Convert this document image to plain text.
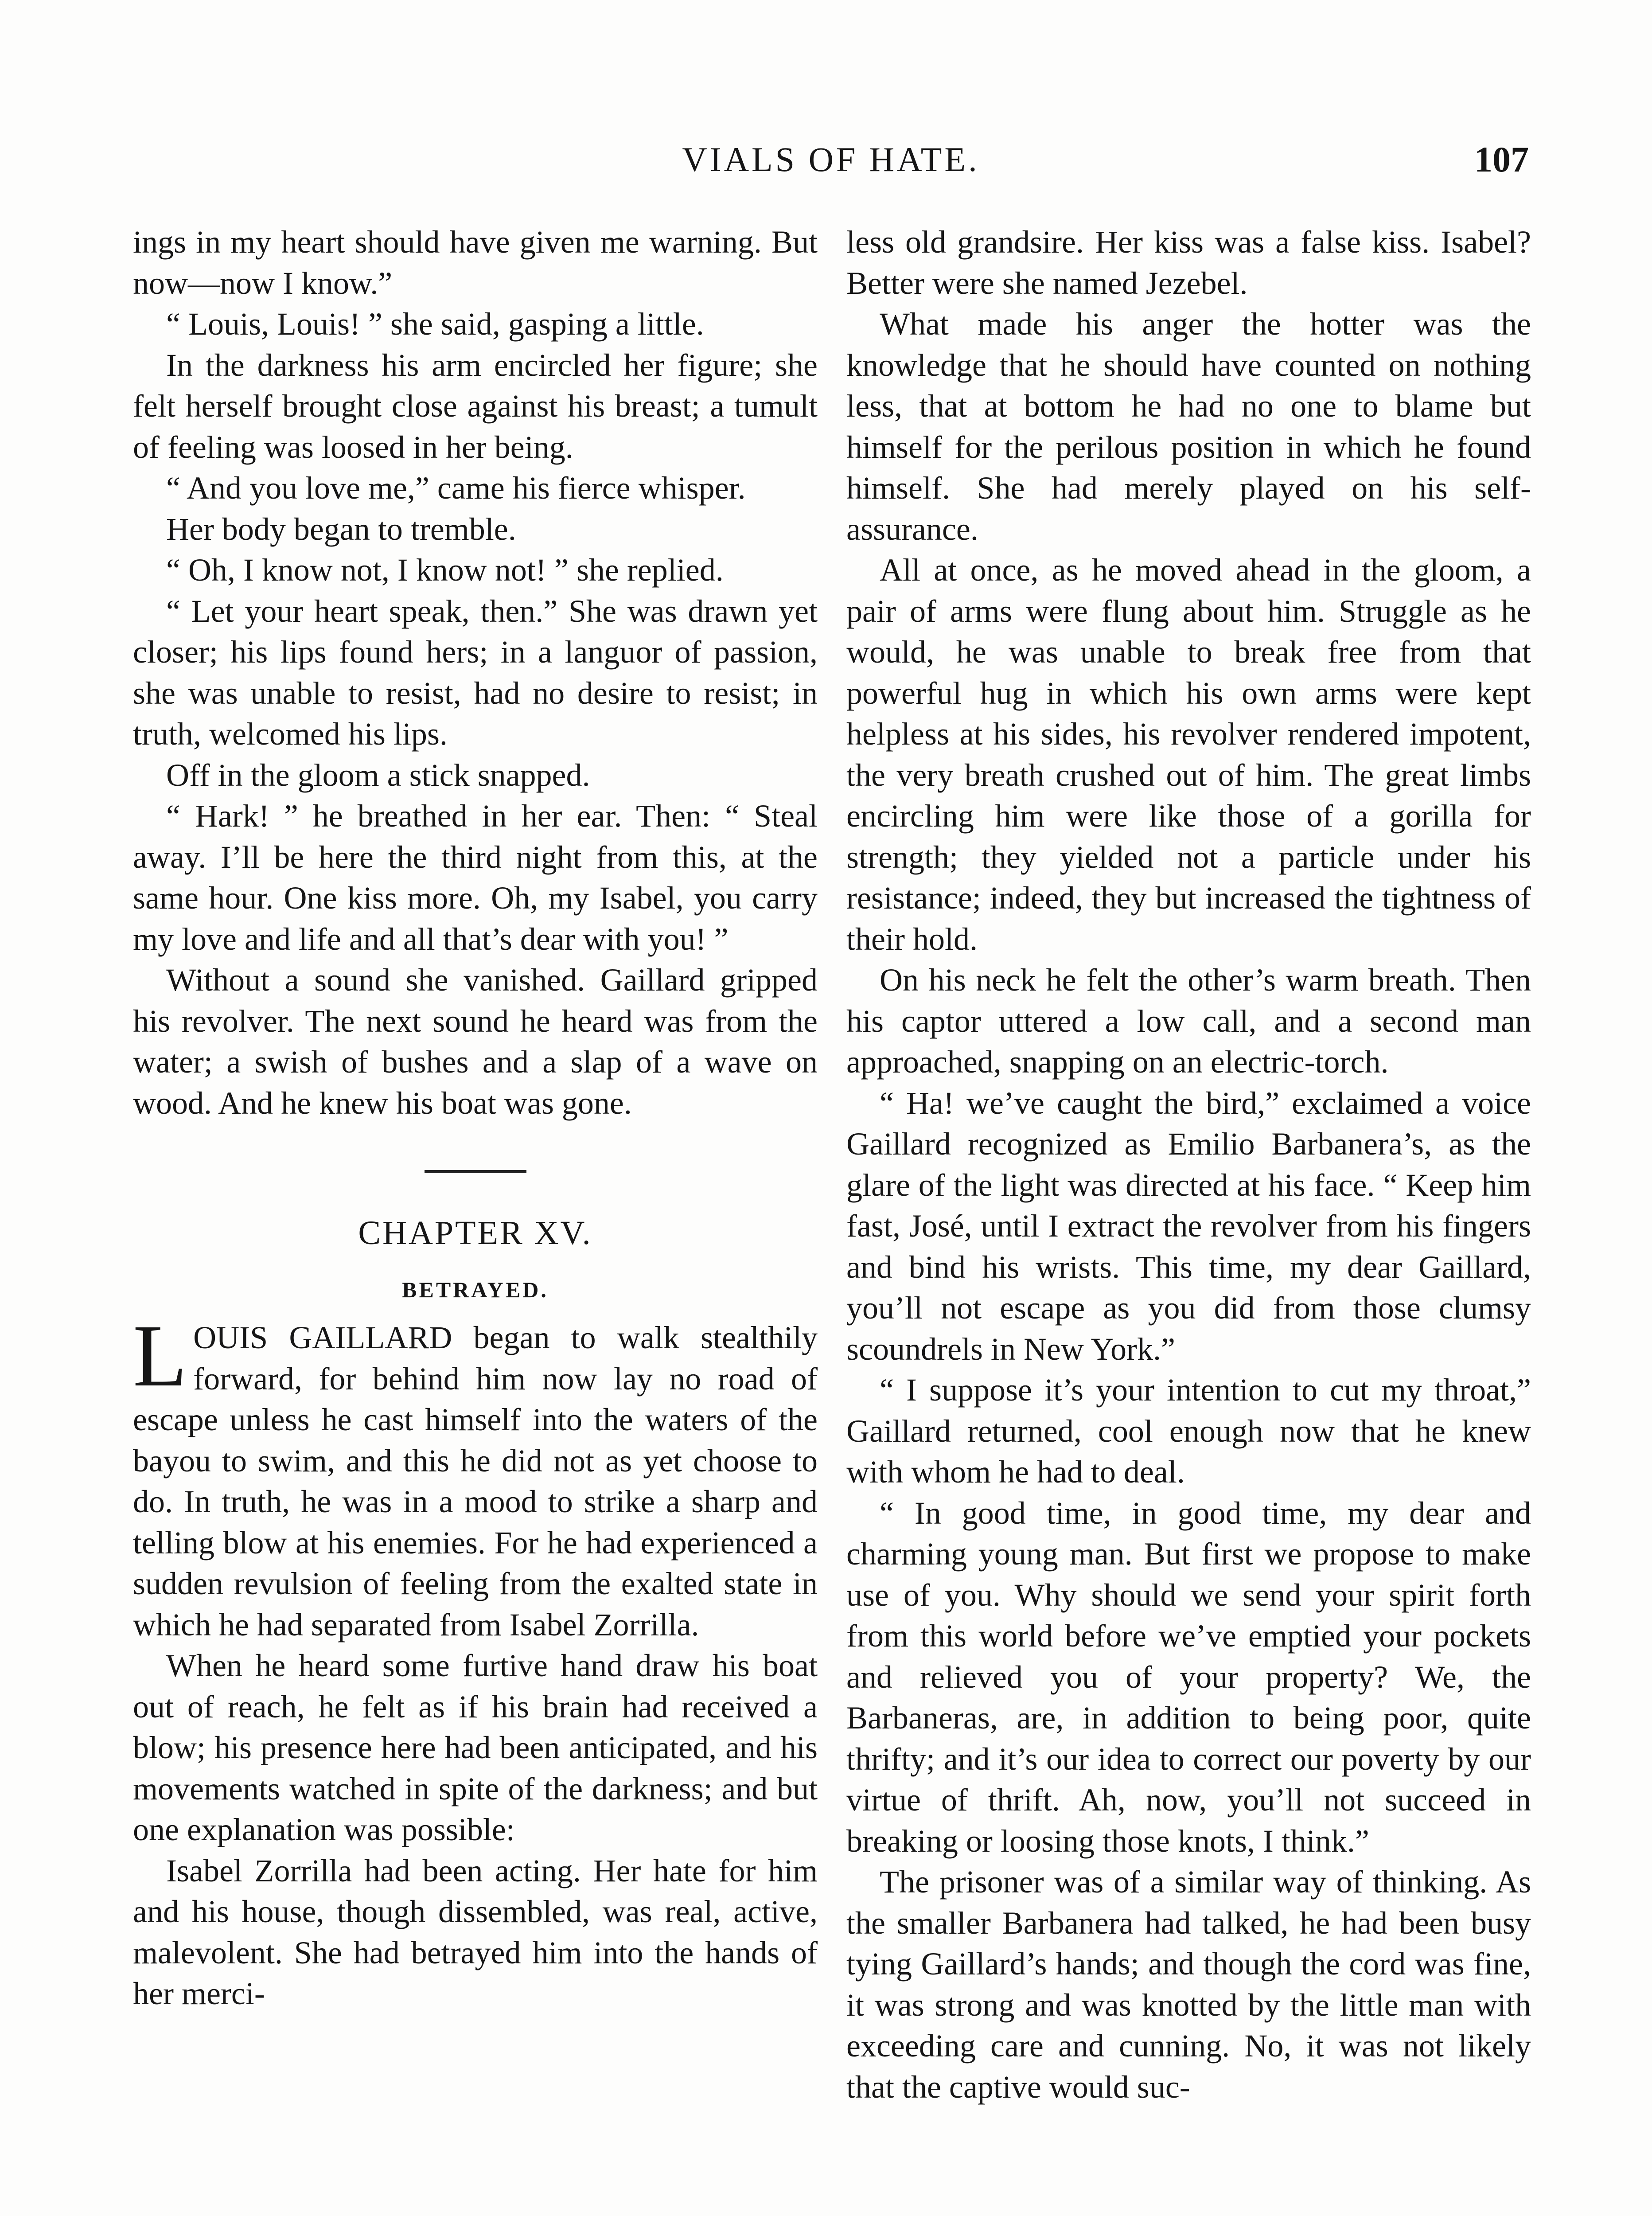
VIALS OF HATE.	107

ings in my heart should have given me warning. But now—now I know.”

“ Louis, Louis! ” she said, gasping a little.

In the darkness his arm encircled her figure; she felt herself brought close against his breast; a tumult of feeling was loosed in her being.

“ And you love me,” came his fierce whisper.

Her body began to tremble.

“ Oh, I know not, I know not! ” she replied.

“ Let your heart speak, then.” She was drawn yet closer; his lips found hers; in a languor of passion, she was unable to resist, had no desire to resist; in truth, welcomed his lips.

Off in the gloom a stick snapped.

“ Hark! ” he breathed in her ear. Then: “ Steal away. I’ll be here the third night from this, at the same hour. One kiss more. Oh, my Isabel, you carry my love and life and all that’s dear with you! ”

Without a sound she vanished. Gaillard gripped his revolver. The next sound he heard was from the water; a swish of bushes and a slap of a wave on wood. And he knew his boat was gone.

CHAPTER XV.
BETRAYED.

LOUIS GAILLARD began to walk stealthily forward, for behind him now lay no road of escape unless he cast himself into the waters of the bayou to swim, and this he did not as yet choose to do. In truth, he was in a mood to strike a sharp and telling blow at his enemies. For he had experienced a sudden revulsion of feeling from the exalted state in which he had separated from Isabel Zorrilla.

When he heard some furtive hand draw his boat out of reach, he felt as if his brain had received a blow; his presence here had been anticipated, and his movements watched in spite of the darkness; and but one explanation was possible:

Isabel Zorrilla had been acting. Her hate for him and his house, though dissembled, was real, active, malevolent. She had betrayed him into the hands of her merci-

less old grandsire. Her kiss was a false kiss. Isabel? Better were she named Jezebel.

What made his anger the hotter was the knowledge that he should have counted on nothing less, that at bottom he had no one to blame but himself for the perilous position in which he found himself. She had merely played on his self-assurance.

All at once, as he moved ahead in the gloom, a pair of arms were flung about him. Struggle as he would, he was unable to break free from that powerful hug in which his own arms were kept helpless at his sides, his revolver rendered impotent, the very breath crushed out of him. The great limbs encircling him were like those of a gorilla for strength; they yielded not a particle under his resistance; indeed, they but increased the tightness of their hold.

On his neck he felt the other’s warm breath. Then his captor uttered a low call, and a second man approached, snapping on an electric-torch.

“ Ha! we’ve caught the bird,” exclaimed a voice Gaillard recognized as Emilio Barbanera’s, as the glare of the light was directed at his face. “ Keep him fast, José, until I extract the revolver from his fingers and bind his wrists. This time, my dear Gaillard, you’ll not escape as you did from those clumsy scoundrels in New York.”

“ I suppose it’s your intention to cut my throat,” Gaillard returned, cool enough now that he knew with whom he had to deal.

“ In good time, in good time, my dear and charming young man. But first we propose to make use of you. Why should we send your spirit forth from this world before we’ve emptied your pockets and relieved you of your property? We, the Barbaneras, are, in addition to being poor, quite thrifty; and it’s our idea to correct our poverty by our virtue of thrift. Ah, now, you’ll not succeed in breaking or loosing those knots, I think.”

The prisoner was of a similar way of thinking. As the smaller Barbanera had talked, he had been busy tying Gaillard’s hands; and though the cord was fine, it was strong and was knotted by the little man with exceeding care and cunning. No, it was not likely that the captive would suc-
